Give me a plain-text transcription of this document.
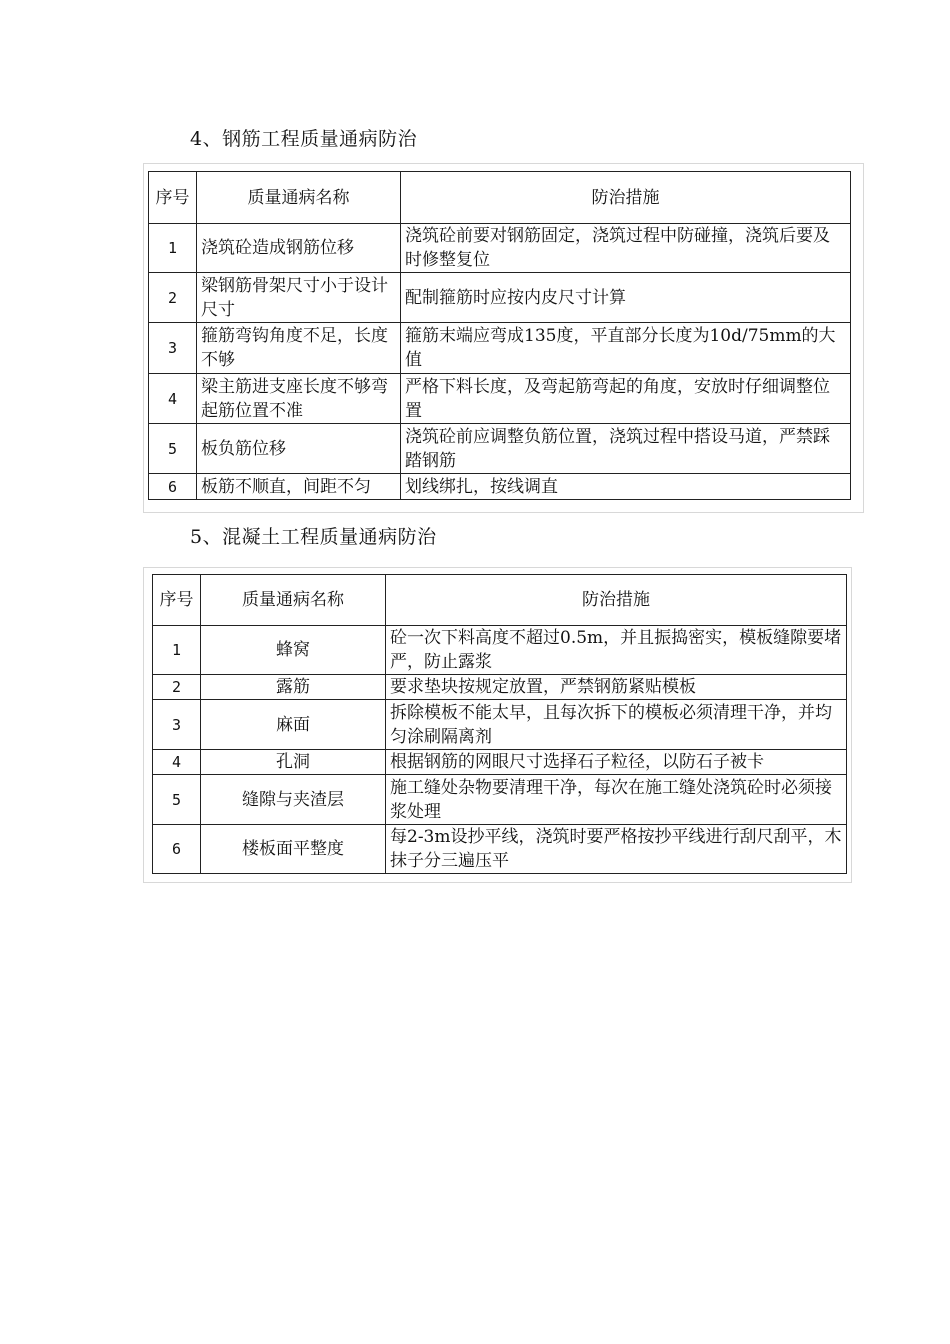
4、钢筋工程质量通病防治
序号	质量通病名称	防治措施
1	浇筑砼造成钢筋位移	浇筑砼前要对钢筋固定，浇筑过程中防碰撞，浇筑后要及时修整复位
2	梁钢筋骨架尺寸小于设计尺寸	配制箍筋时应按内皮尺寸计算
3	箍筋弯钩角度不足，长度不够	箍筋末端应弯成135度，平直部分长度为10d/75mm的大值
4	梁主筋进支座长度不够弯起筋位置不准	严格下料长度，及弯起筋弯起的角度，安放时仔细调整位置
5	板负筋位移	浇筑砼前应调整负筋位置，浇筑过程中搭设马道，严禁踩踏钢筋
6	板筋不顺直，间距不匀	划线绑扎，按线调直
5、混凝土工程质量通病防治
序号	质量通病名称	防治措施
1	蜂窝	砼一次下料高度不超过0.5m，并且振捣密实，模板缝隙要堵严，防止露浆
2	露筋	要求垫块按规定放置，严禁钢筋紧贴模板
3	麻面	拆除模板不能太早，且每次拆下的模板必须清理干净，并均匀涂刷隔离剂
4	孔洞	根据钢筋的网眼尺寸选择石子粒径，以防石子被卡
5	缝隙与夹渣层	施工缝处杂物要清理干净，每次在施工缝处浇筑砼时必须接浆处理
6	楼板面平整度	每2-3m设抄平线，浇筑时要严格按抄平线进行刮尺刮平，木抹子分三遍压平
